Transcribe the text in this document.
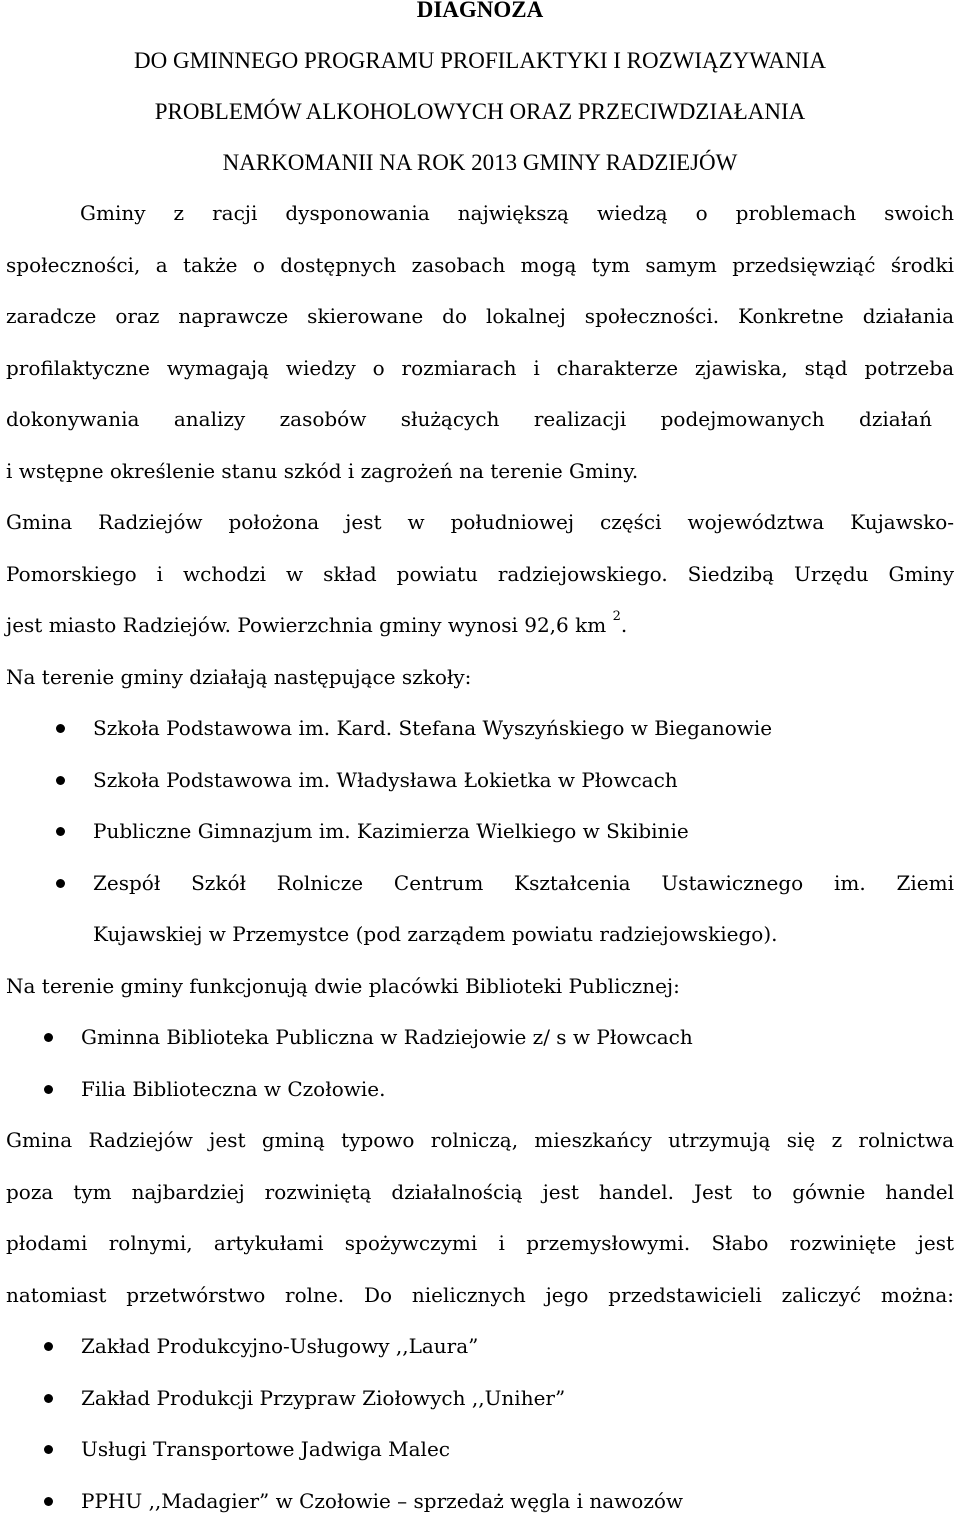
DIAGNOZA
DO GMINNEGO PROGRAMU PROFILAKTYKI I ROZWIĄZYWANIA
PROBLEMÓW ALKOHOLOWYCH ORAZ PRZECIWDZIAŁANIA
NARKOMANII NA ROK 2013 GMINY RADZIEJÓW
Gminy z racji dysponowania największą wiedzą o problemach swoich
społeczności, a także o dostępnych zasobach mogą tym samym przedsięwziąć środki
zaradcze oraz naprawcze skierowane do lokalnej społeczności. Konkretne działania
profilaktyczne wymagają wiedzy o rozmiarach i charakterze zjawiska, stąd potrzeba
dokonywania analizy zasobów służących realizacji podejmowanych działań
i wstępne określenie stanu szkód i zagrożeń na terenie Gminy.
Gmina Radziejów położona jest w południowej części województwa Kujawsko-
Pomorskiego i wchodzi w skład powiatu radziejowskiego. Siedzibą Urzędu Gminy
jest miasto Radziejów. Powierzchnia gminy wynosi 92,6 km $^2$.
Na terenie gminy działają następujące szkoły:
Szkoła Podstawowa im. Kard. Stefana Wyszyńskiego w Bieganowie
Szkoła Podstawowa im. Władysława Łokietka w Płowcach
Publiczne Gimnazjum im. Kazimierza Wielkiego w Skibinie
Zespół Szkół Rolnicze Centrum Kształcenia Ustawicznego im. Ziemi
Kujawskiej w Przemystce (pod zarządem powiatu radziejowskiego).
Na terenie gminy funkcjonują dwie placówki Biblioteki Publicznej:
Gminna Biblioteka Publiczna w Radziejowie z/ s w Płowcach
Filia Biblioteczna w Czołowie.
Gmina Radziejów jest gminą typowo rolniczą, mieszkańcy utrzymują się z rolnictwa
poza tym najbardziej rozwiniętą działalnością jest handel. Jest to gównie handel
płodami rolnymi, artykułami spożywczymi i przemysłowymi. Słabo rozwinięte jest
natomiast przetwórstwo rolne. Do nielicznych jego przedstawicieli zaliczyć można:
Zakład Produkcyjno-Usługowy ,,Laura”
Zakład Produkcji Przypraw Ziołowych ,,Uniher”
Usługi Transportowe Jadwiga Malec
PPHU ,,Madagier” w Czołowie – sprzedaż węgla i nawozów
